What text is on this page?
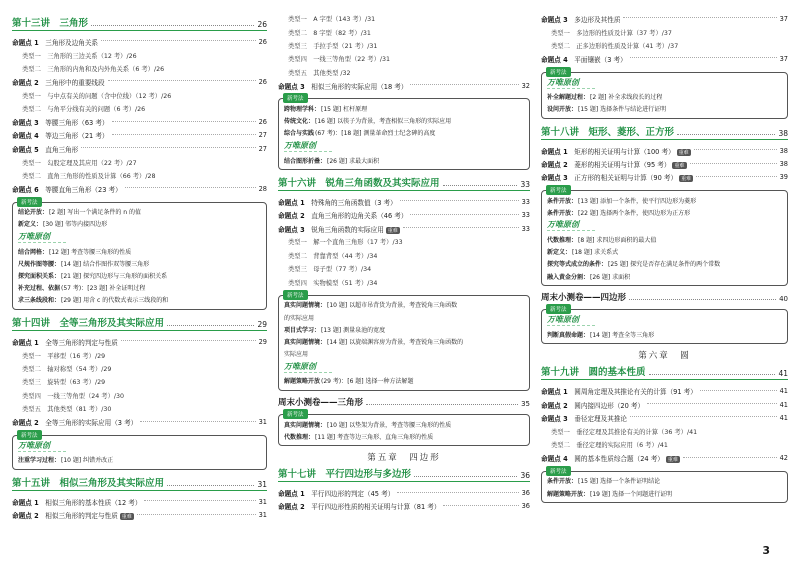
第十三讲　三角形	26
命题点 1　 三角形及边角关系	26
类型一　 三角形的三边关系（12 考）/26
类型二　 三角形的内角和及内外角关系（6 考）/26
命题点 2　 三角形中的重要线段	26
类型一　 与中点有关的问题（含中位线）（12 考）/26
类型二　 与角平分线有关的问题（6 考）/26
命题点 3　 等腰三角形（63 考）	26
命题点 4　 等边三角形（21 考）	27
命题点 5　 直角三角形	27
类型一　 勾股定理及其应用（22 考）/27
类型二　 直角三角形的性质及计算（66 考）/28
命题点 6　 等腰直角三角形（23 考）	28
新考法
结论开放： [2 题] 写出一个满足条件的 n 的值
新定义： [30 题] 邻等内接四边形
万唯原创
结合网格： [12 题] 考查等腰三角形的性质
尺规作图等腰： [14 题] 结合作图作双等腰三角形
探究面积关系： [21 题] 探究四边形与三角形的面积关系
补充过程、依据 (57 考)：[23 题] 补全证明过程
求三条线段和： [29 题] 用含 c 的代数式表示三线段的和
第十四讲　全等三角形及其实际应用	29
命题点 1　 全等三角形的判定与性质	29
类型一　 平移型（16 考）/29
类型二　 轴对称型（54 考）/29
类型三　 旋转型（63 考）/29
类型四　 一线三等角型（24 考）/30
类型五　 其他类型（81 考）/30
命题点 2　 全等三角形的实际应用（3 考）	31
新考法
万唯原创
注重学习过程： [10 题] 纠错并改正
第十五讲　相似三角形及其实际应用	31
命题点 1　 相似三角形的基本性质（12 考）	31
命题点 2　 相似三角形的判定与性质 重难	31
类型一　 A 字型（143 考）/31
类型二　 8 字型（82 考）/31
类型三　 手拉手型（21 考）/31
类型四　 一线三等角型（22 考）/31
类型五　 其他类型 /32
命题点 3　 相似三角形的实际应用（18 考）	32
新考法
跨物理学科： [15 题] 杠杆原理
传统文化： [16 题] 以筷子为背景，考查相似三角形的实际应用
综合与实践 (67 考)：[18 题] 测量革命烈士纪念碑的高度
万唯原创
结合图形折叠： [26 题] 求最大面积
第十六讲　锐角三角函数及其实际应用	33
命题点 1　 特殊角的三角函数值（3 考）	33
命题点 2　 直角三角形的边角关系（46 考）	33
命题点 3　 锐角三角函数的实际应用 重难	33
类型一　 解一个直角三角形（17 考）/33
类型二　 背靠背型（44 考）/34
类型三　 母子型（77 考）/34
类型四　 实物模型（51 考）/34
新考法
真实问题情境： [10 题] 以超市吊背货为背景，考查锐角三角函数
的实际应用
项目式学习： [13 题] 测量泉池的宽度
真实问题情境： [14 题] 以旋端渊容房为背景，考查锐角三角函数的
实际应用
万唯原创
解题策略开放 (29 考)：[6 题] 选择一种方法解题
周末小测卷——三角形	35
新考法
真实问题情境： [10 题] 以垫架为背景，考查等腰三角形的性质
代数推理： [11 题] 考查等边三角形、直角三角形的性质
第五章　四边形
第十七讲　平行四边形与多边形	36
命题点 1　 平行四边形的判定（45 考）	36
命题点 2　 平行四边形性质的相关证明与计算（81 考）	36
命题点 3　 多边形及其性质	37
类型一　 多边形的性质及计算（37 考）/37
类型二　 正多边形的性质及计算（41 考）/37
命题点 4　 平面镶嵌（3 考）	37
新考法
万唯原创
补全解题过程： [2 题] 补全求线段长的过程
设问开放： [15 题] 选择条件与结论进行证明
第十八讲　矩形、菱形、正方形	38
命题点 1　 矩形的相关证明与计算（100 考） 重难	38
命题点 2　 菱形的相关证明与计算（95 考） 重难	38
命题点 3　 正方形的相关证明与计算（90 考） 重难	39
新考法
条件开放： [13 题] 添加一个条件，使平行四边形为菱形
条件开放： [22 题] 选择两个条件，使四边形为正方形
万唯原创
代数推理： [8 题] 求四边形面积的最大值
新定义： [18 题] 求关系式
探究等式成立的条件： [25 题] 探究是否存在满足条件的两个常数
融入黄金分割： [26 题] 求面积
周末小测卷——四边形	40
新考法
万唯原创
判断真假命题： [14 题] 考查全等三角形
第六章　圆
第十九讲　圆的基本性质	41
命题点 1　 圆周角定理及其推论有关的计算（91 考）	41
命题点 2　 圆内接四边形（20 考）	41
命题点 3　 垂径定理及其推论	41
类型一　 垂径定理及其推论有关的计算（36 考）/41
类型二　 垂径定理的实际应用（6 考）/41
命题点 4　 圆的基本性质综合题（24 考） 重难	42
新考法
条件开放： [15 题] 选择一个条件证明结论
解题策略开放： [19 题] 选择一个问题进行证明
3
